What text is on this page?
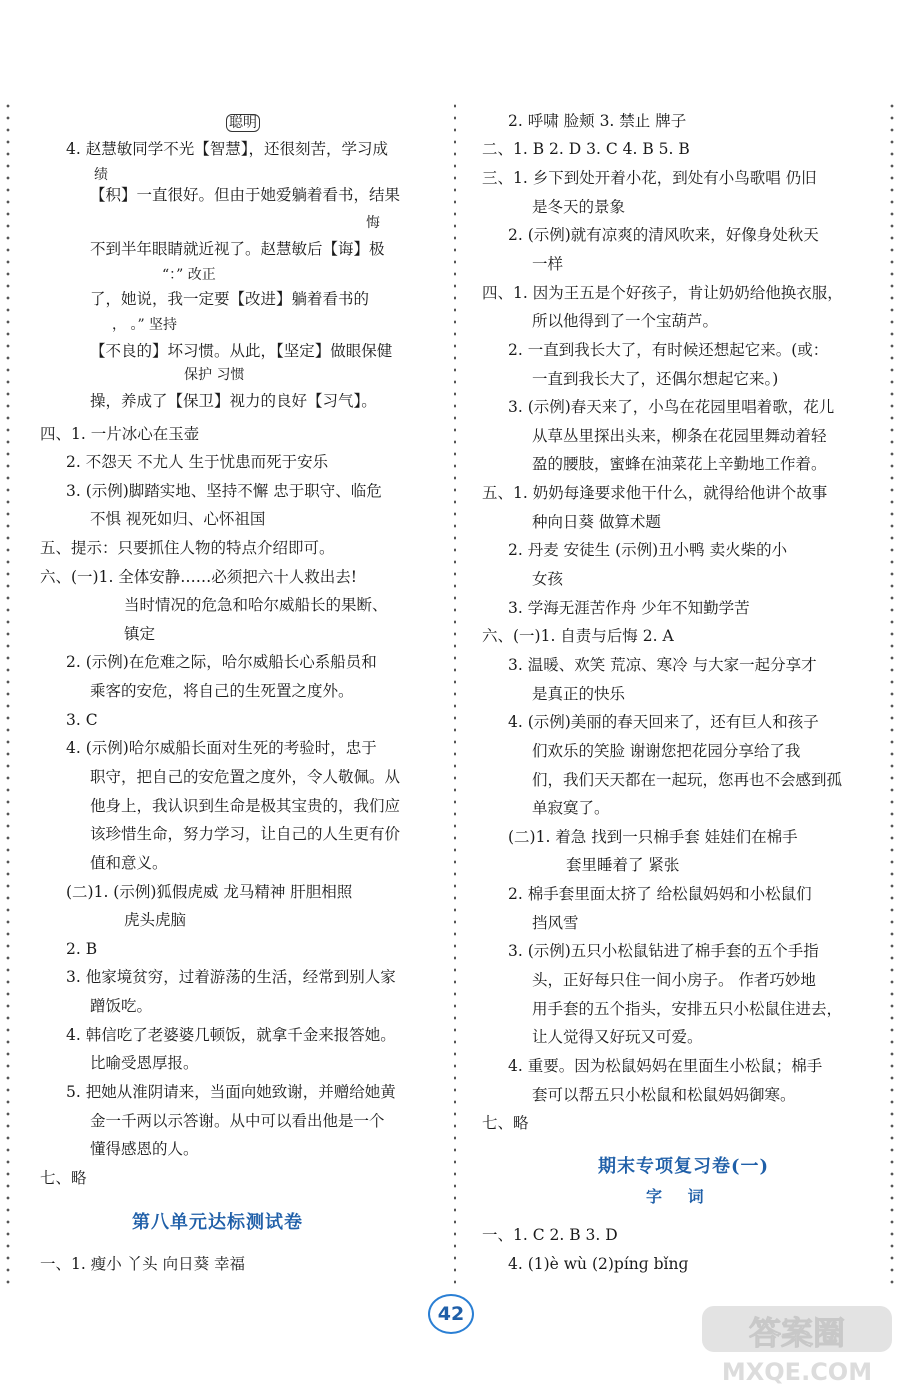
聪明
4. 赵慧敏同学不光【智慧】，还很刻苦，学习成
绩
【积】一直很好。但由于她爱躺着看书，结果
悔
不到半年眼睛就近视了。赵慧敏后【诲】极
“：” 改正
了，她说，我一定要【改进】躺着看书的
， 。” 坚持
【不良的】坏习惯。从此，【坚定】做眼保健
保护 习惯
操，养成了【保卫】视力的良好【习气】。
四、1. 一片冰心在玉壶
2. 不怨天 不尤人 生于忧患而死于安乐
3. (示例)脚踏实地、坚持不懈 忠于职守、临危
不惧 视死如归、心怀祖国
五、提示：只要抓住人物的特点介绍即可。
六、(一)1. 全体安静……必须把六十人救出去!
当时情况的危急和哈尔威船长的果断、
镇定
2. (示例)在危难之际，哈尔威船长心系船员和
乘客的安危，将自己的生死置之度外。
3. C
4. (示例)哈尔威船长面对生死的考验时，忠于
职守，把自己的安危置之度外，令人敬佩。从
他身上，我认识到生命是极其宝贵的，我们应
该珍惜生命，努力学习，让自己的人生更有价
值和意义。
(二)1. (示例)狐假虎威 龙马精神 肝胆相照
虎头虎脑
2. B
3. 他家境贫穷，过着游荡的生活，经常到别人家
蹭饭吃。
4. 韩信吃了老婆婆几顿饭，就拿千金来报答她。
比喻受恩厚报。
5. 把她从淮阴请来，当面向她致谢，并赠给她黄
金一千两以示答谢。从中可以看出他是一个
懂得感恩的人。
七、略
第八单元达标测试卷
一、1. 瘦小 丫头 向日葵 幸福
2. 呼啸 脸颊 3. 禁止 牌子
二、1. B 2. D 3. C 4. B 5. B
三、1. 乡下到处开着小花，到处有小鸟歌唱 仍旧
是冬天的景象
2. (示例)就有凉爽的清风吹来，好像身处秋天
一样
四、1. 因为王五是个好孩子，肯让奶奶给他换衣服，
所以他得到了一个宝葫芦。
2. 一直到我长大了，有时候还想起它来。(或：
一直到我长大了，还偶尔想起它来。)
3. (示例)春天来了，小鸟在花园里唱着歌，花儿
从草丛里探出头来，柳条在花园里舞动着轻
盈的腰肢，蜜蜂在油菜花上辛勤地工作着。
五、1. 奶奶每逢要求他干什么，就得给他讲个故事
种向日葵 做算术题
2. 丹麦 安徒生 (示例)丑小鸭 卖火柴的小
女孩
3. 学海无涯苦作舟 少年不知勤学苦
六、(一)1. 自责与后悔 2. A
3. 温暖、欢笑 荒凉、寒冷 与大家一起分享才
是真正的快乐
4. (示例)美丽的春天回来了，还有巨人和孩子
们欢乐的笑脸 谢谢您把花园分享给了我
们，我们天天都在一起玩，您再也不会感到孤
单寂寞了。
(二)1. 着急 找到一只棉手套 娃娃们在棉手
套里睡着了 紧张
2. 棉手套里面太挤了 给松鼠妈妈和小松鼠们
挡风雪
3. (示例)五只小松鼠钻进了棉手套的五个手指
头，正好每只住一间小房子。 作者巧妙地
用手套的五个指头，安排五只小松鼠住进去，
让人觉得又好玩又可爱。
4. 重要。因为松鼠妈妈在里面生小松鼠；棉手
套可以帮五只小松鼠和松鼠妈妈御寒。
七、略
期末专项复习卷(一)
字 词
一、1. C 2. B 3. D
4. (1)è wù (2)pínɡ bǐnɡ
42	答案圈
MXQE.COM
